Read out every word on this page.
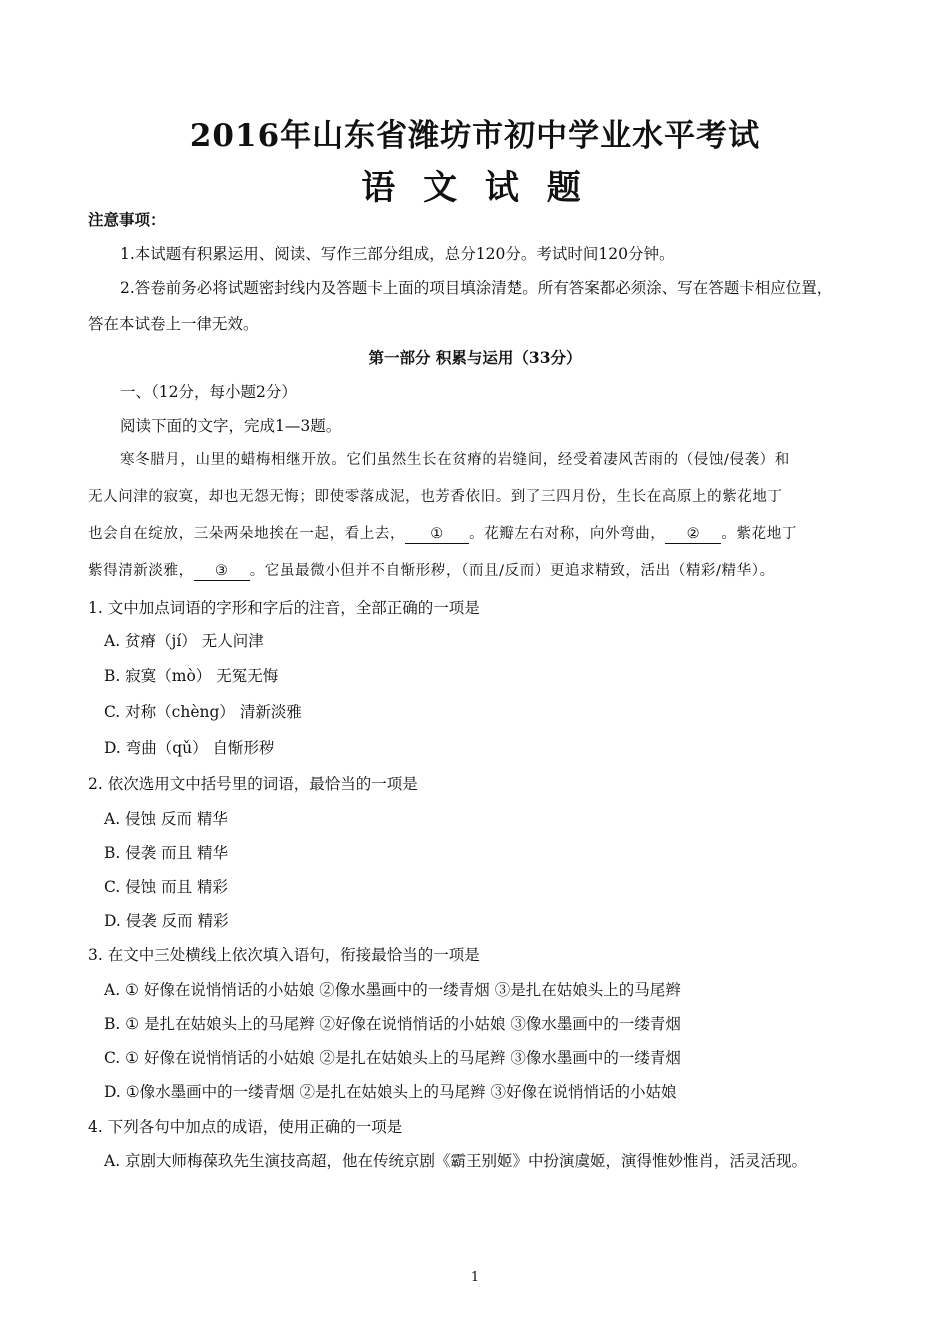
2016年山东省潍坊市初中学业水平考试
语 文 试 题
注意事项：
1.本试题有积累运用、阅读、写作三部分组成，总分120分。考试时间120分钟。
2.答卷前务必将试题密封线内及答题卡上面的项目填涂清楚。所有答案都必须涂、写在答题卡相应位置，
答在本试卷上一律无效。
第一部分 积累与运用（33分）
一、（12分，每小题2分）
阅读下面的文字，完成1—3题。
寒冬腊月，山里的蜡梅相继开放。它们虽然生长在贫瘠的岩缝间，经受着凄风苦雨的（侵蚀/侵袭）和
无人问津的寂寞，却也无怨无悔；即使零落成泥，也芳香依旧。到了三四月份，生长在高原上的紫花地丁
也会自在绽放，三朵两朵地挨在一起，看上去， ① 。花瓣左右对称，向外弯曲， ② 。紫花地丁
紫得清新淡雅， ③ 。它虽最微小但并不自惭形秽，（而且/反而）更追求精致，活出（精彩/精华）。
1. 文中加点词语的字形和字后的注音，全部正确的一项是
A. 贫瘠（jí） 无人问津
B. 寂寞（mò） 无冤无悔
C. 对称（chèng） 清新淡雅
D. 弯曲（qǔ） 自惭形秽
2. 依次选用文中括号里的词语，最恰当的一项是
A. 侵蚀 反而 精华
B. 侵袭 而且 精华
C. 侵蚀 而且 精彩
D. 侵袭 反而 精彩
3. 在文中三处横线上依次填入语句，衔接最恰当的一项是
A. ① 好像在说悄悄话的小姑娘 ②像水墨画中的一缕青烟 ③是扎在姑娘头上的马尾辫
B. ① 是扎在姑娘头上的马尾辫 ②好像在说悄悄话的小姑娘 ③像水墨画中的一缕青烟
C. ① 好像在说悄悄话的小姑娘 ②是扎在姑娘头上的马尾辫 ③像水墨画中的一缕青烟
D. ①像水墨画中的一缕青烟 ②是扎在姑娘头上的马尾辫 ③好像在说悄悄话的小姑娘
4. 下列各句中加点的成语，使用正确的一项是
A. 京剧大师梅葆玖先生演技高超，他在传统京剧《霸王别姬》中扮演虞姬，演得惟妙惟肖，活灵活现。
1
